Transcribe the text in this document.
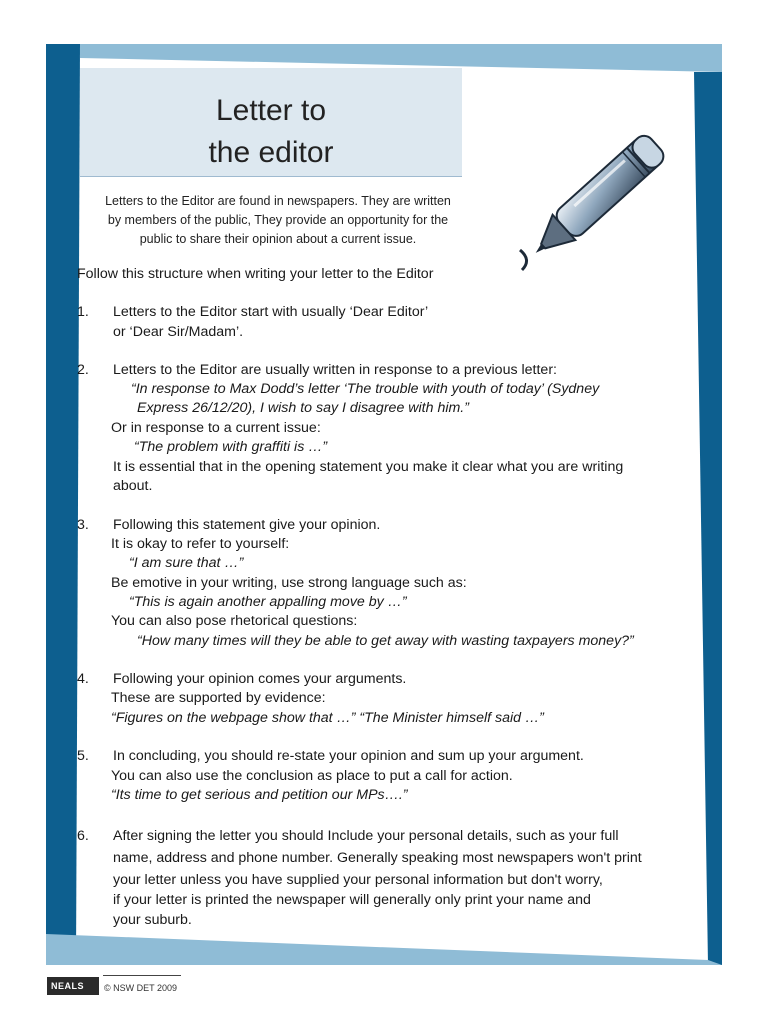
Letter to
the editor
Letters to the Editor are found in newspapers. They are written
by members of the public, They provide an opportunity for the
public to share their opinion about a current issue.
Follow this structure when writing your letter to the Editor
1. Letters to the Editor start with usually ‘Dear Editor’
or ‘Dear Sir/Madam’.
2. Letters to the Editor are usually written in response to a previous letter:
“In response to Max Dodd’s letter ‘The trouble with youth of today’ (Sydney
Express 26/12/20), I wish to say I disagree with him.”
Or in response to a current issue:
“The problem with graffiti is …”
It is essential that in the opening statement you make it clear what you are writing
about.
3. Following this statement give your opinion.
It is okay to refer to yourself:
“I am sure that …”
Be emotive in your writing, use strong language such as:
“This is again another appalling move by …”
You can also pose rhetorical questions:
“How many times will they be able to get away with wasting taxpayers money?”
4. Following your opinion comes your arguments.
These are supported by evidence:
“Figures on the webpage show that …” “The Minister himself said …”
5. In concluding, you should re-state your opinion and sum up your argument.
You can also use the conclusion as place to put a call for action.
“Its time to get serious and petition our MPs….”
6. After signing the letter you should Include your personal details, such as your full
name, address and phone number. Generally speaking most newspapers won't print
your letter unless you have supplied your personal information but don't worry,
if your letter is printed the newspaper will generally only print your name and
your suburb.
NEALS	© NSW DET 2009
